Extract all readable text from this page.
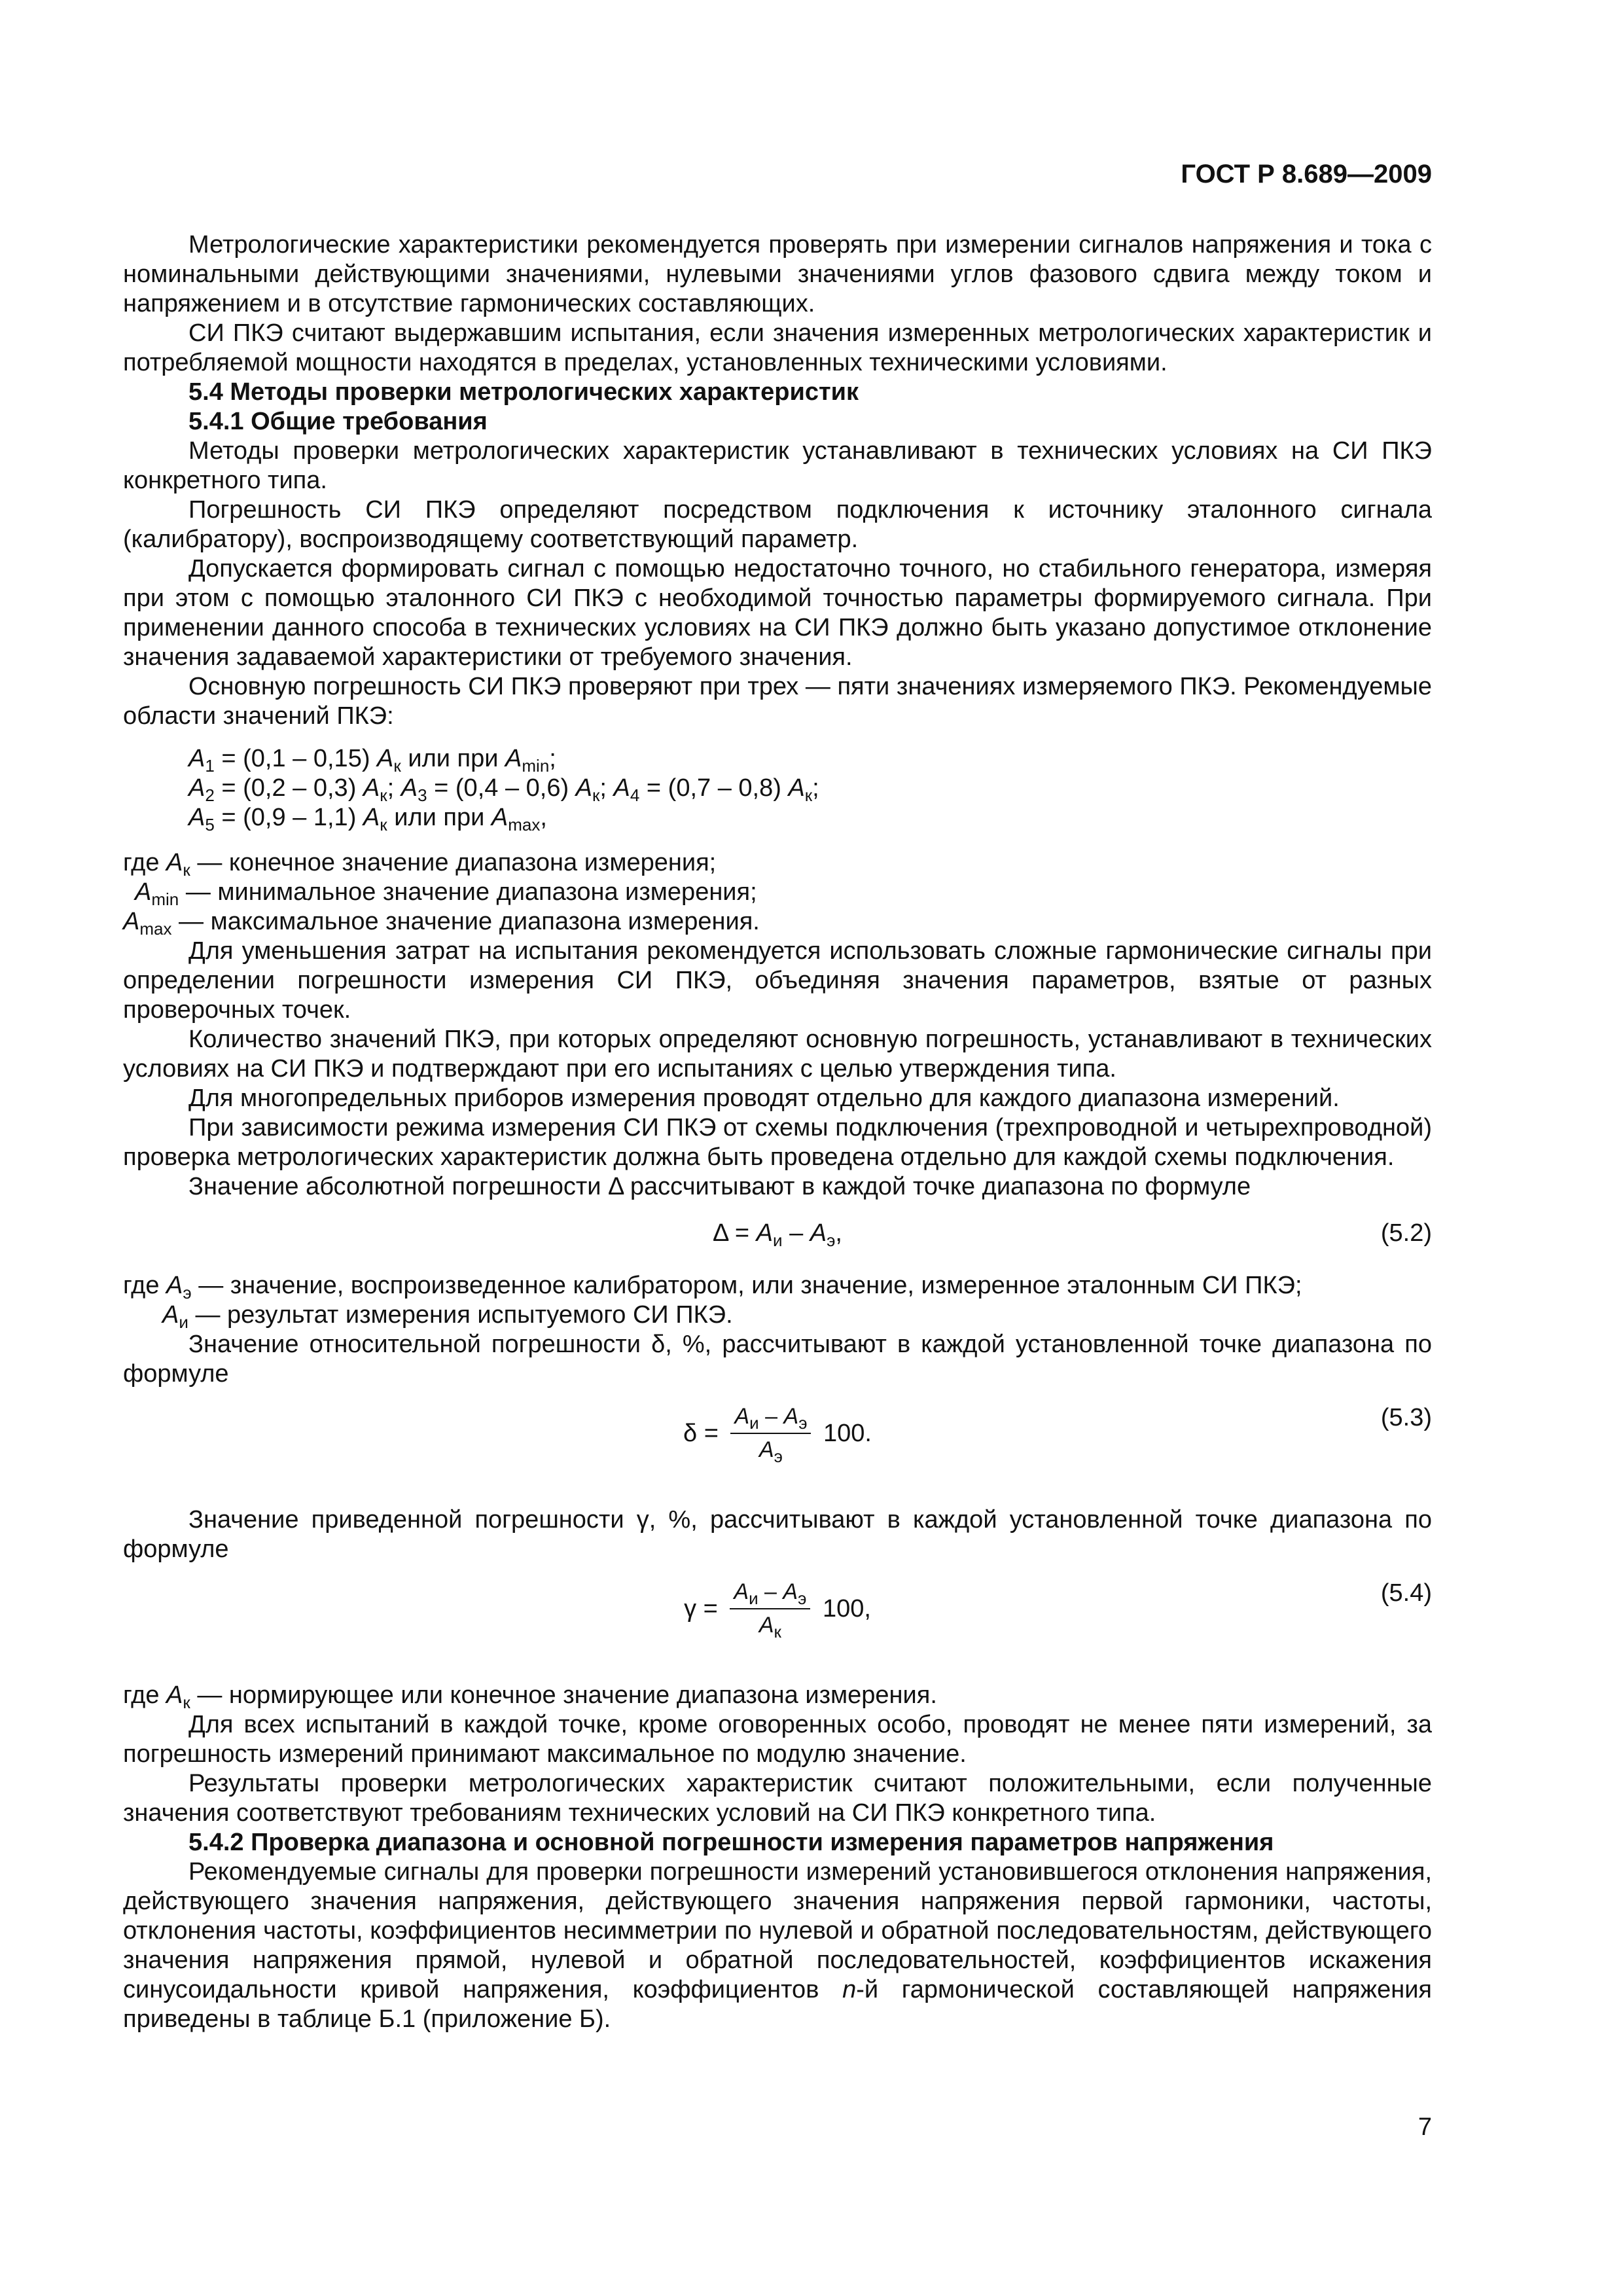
ГОСТ Р 8.689—2009

Метрологические характеристики рекомендуется проверять при измерении сигналов напряжения и тока с номинальными действующими значениями, нулевыми значениями углов фазового сдвига между током и напряжением и в отсутствие гармонических составляющих.

СИ ПКЭ считают выдержавшим испытания, если значения измеренных метрологических характеристик и потребляемой мощности находятся в пределах, установленных техническими условиями.

5.4 Методы проверки метрологических характеристик
5.4.1 Общие требования

Методы проверки метрологических характеристик устанавливают в технических условиях на СИ ПКЭ конкретного типа.

Погрешность СИ ПКЭ определяют посредством подключения к источнику эталонного сигнала (калибратору), воспроизводящему соответствующий параметр.

Допускается формировать сигнал с помощью недостаточно точного, но стабильного генератора, измеряя при этом с помощью эталонного СИ ПКЭ с необходимой точностью параметры формируемого сигнала. При применении данного способа в технических условиях на СИ ПКЭ должно быть указано допустимое отклонение значения задаваемой характеристики от требуемого значения.

Основную погрешность СИ ПКЭ проверяют при трех — пяти значениях измеряемого ПКЭ. Рекомендуемые области значений ПКЭ:

$A_1 = (0,1 - 0,15)$ $A_к$ или при $A_{min}$;
$A_2 = (0,2 - 0,3)$ $A_к$; $A_3 = (0,4 - 0,6)$ $A_к$; $A_4 = (0,7 - 0,8)$ $A_к$;
$A_5 = (0,9 - 1,1)$ $A_к$ или при $A_{max}$,
где $A_к$ — конечное значение диапазона измерения;
$A_{min}$ — минимальное значение диапазона измерения;
$A_{max}$ — максимальное значение диапазона измерения.

Для уменьшения затрат на испытания рекомендуется использовать сложные гармонические сигналы при определении погрешности измерения СИ ПКЭ, объединяя значения параметров, взятые от разных проверочных точек.

Количество значений ПКЭ, при которых определяют основную погрешность, устанавливают в технических условиях на СИ ПКЭ и подтверждают при его испытаниях с целью утверждения типа.

Для многопредельных приборов измерения проводят отдельно для каждого диапазона измерений.

При зависимости режима измерения СИ ПКЭ от схемы подключения (трехпроводной и четырехпроводной) проверка метрологических характеристик должна быть проведена отдельно для каждой схемы подключения.

Значение абсолютной погрешности Δ рассчитывают в каждой точке диапазона по формуле

$\Delta = A_и - A_э$,	(5.2)
где $A_э$ — значение, воспроизведенное калибратором, или значение, измеренное эталонным СИ ПКЭ;
$A_и$ — результат измерения испытуемого СИ ПКЭ.

Значение относительной погрешности δ, %, рассчитывают в каждой установленной точке диапазона по формуле

$\delta = \frac{A_и - A_э}{A_э} 100$.
(5.3)

Значение приведенной погрешности γ, %, рассчитывают в каждой установленной точке диапазона по формуле

$\gamma = \frac{A_и - A_э}{A_к} 100$,
(5.4)
где $A_к$ — нормирующее или конечное значение диапазона измерения.

Для всех испытаний в каждой точке, кроме оговоренных особо, проводят не менее пяти измерений, за погрешность измерений принимают максимальное по модулю значение.

Результаты проверки метрологических характеристик считают положительными, если полученные значения соответствуют требованиям технических условий на СИ ПКЭ конкретного типа.

5.4.2 Проверка диапазона и основной погрешности измерения параметров напряжения

Рекомендуемые сигналы для проверки погрешности измерений установившегося отклонения напряжения, действующего значения напряжения, действующего значения напряжения первой гармоники, частоты, отклонения частоты, коэффициентов несимметрии по нулевой и обратной последовательностям, действующего значения напряжения прямой, нулевой и обратной последовательностей, коэффициентов искажения синусоидальности кривой напряжения, коэффициентов n-й гармонической составляющей напряжения приведены в таблице Б.1 (приложение Б).

7
